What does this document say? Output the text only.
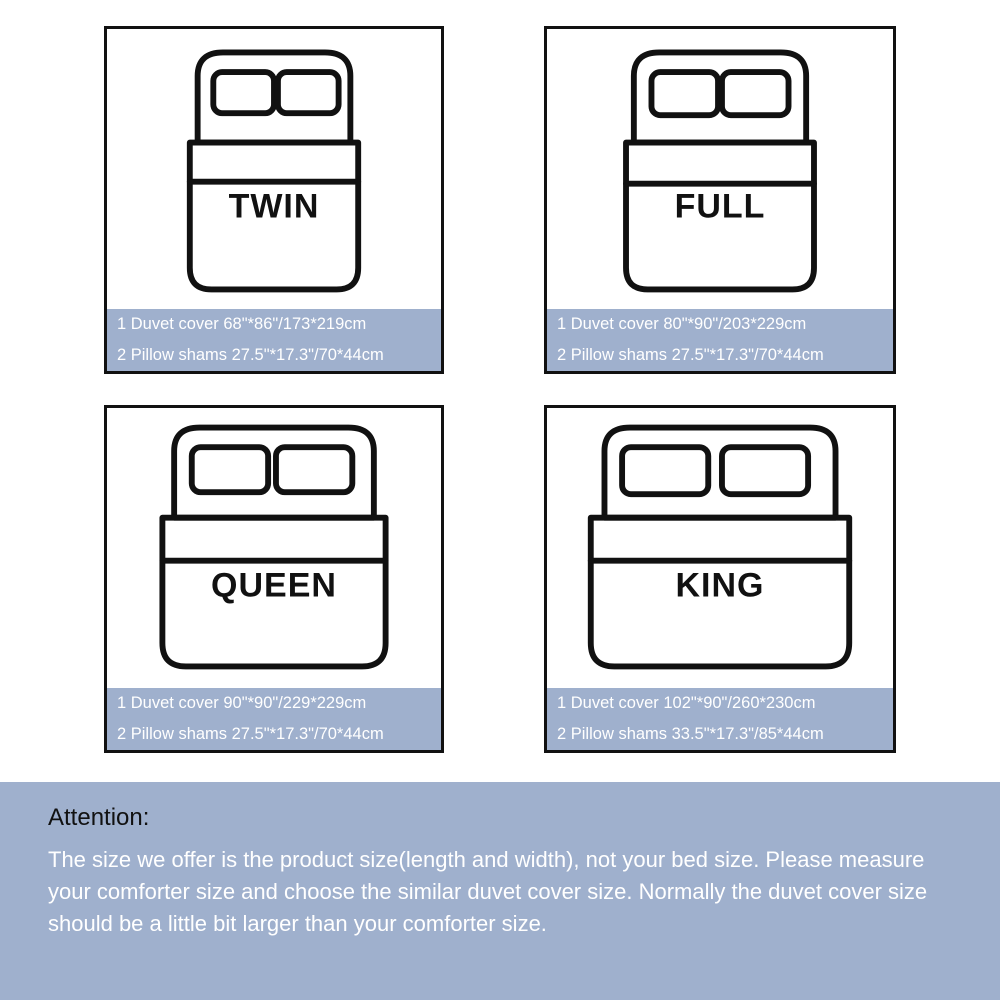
TWIN
1 Duvet cover 68"*86"/173*219cm
2 Pillow shams 27.5"*17.3"/70*44cm
FULL
1 Duvet cover 80"*90"/203*229cm
2 Pillow shams 27.5"*17.3"/70*44cm
QUEEN
1 Duvet cover 90"*90"/229*229cm
2 Pillow shams 27.5"*17.3"/70*44cm
KING
1 Duvet cover 102"*90"/260*230cm
2 Pillow shams 33.5"*17.3"/85*44cm
Attention:
The size we offer is the product size(length and width), not your bed size. Please measure your comforter size and choose the similar duvet cover size. Normally the duvet cover size should be a little bit larger than your comforter size.
